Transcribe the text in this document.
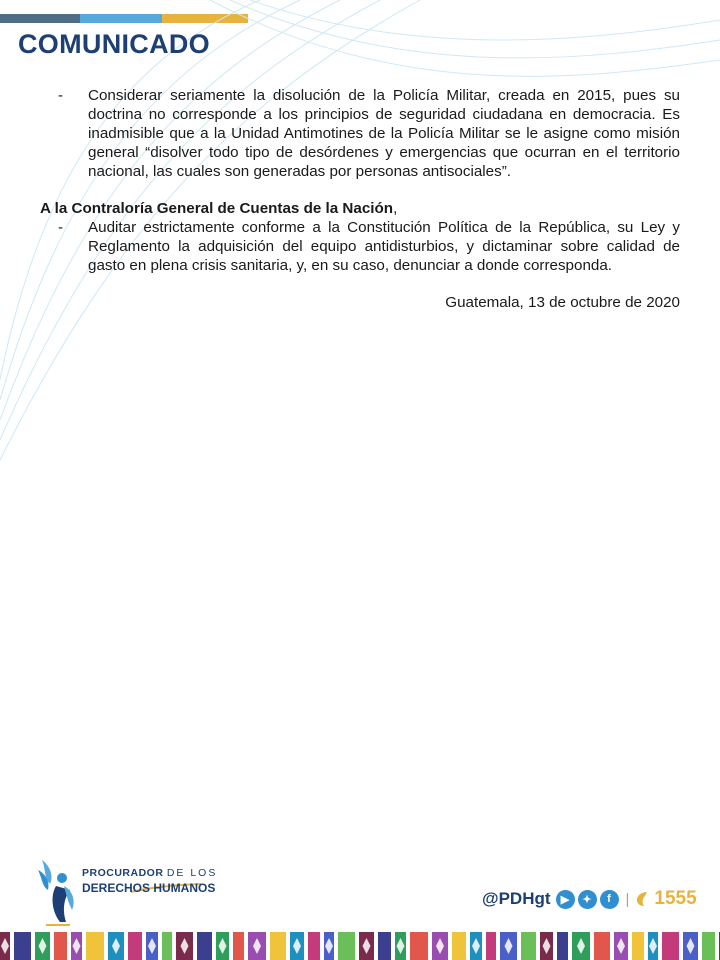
COMUNICADO
- Considerar seriamente la disolución de la Policía Militar, creada en 2015, pues su doctrina no corresponde a los principios de seguridad ciudadana en democracia. Es inadmisible que a la Unidad Antimotines de la Policía Militar se le asigne como misión general “disolver todo tipo de desórdenes y emergencias que ocurran en el territorio nacional, las cuales son generadas por personas antisociales”.
A la Contraloría General de Cuentas de la Nación,
- Auditar estrictamente conforme a la Constitución Política de la República, su Ley y Reglamento la adquisición del equipo antidisturbios, y dictaminar sobre calidad de gasto en plena crisis sanitaria, y, en su caso, denunciar a donde corresponda.
Guatemala, 13 de octubre de 2020

PROCURADOR DE LOS

DERECHOS HUMANOS

@PDHgt ▶	✦	f | 1555
